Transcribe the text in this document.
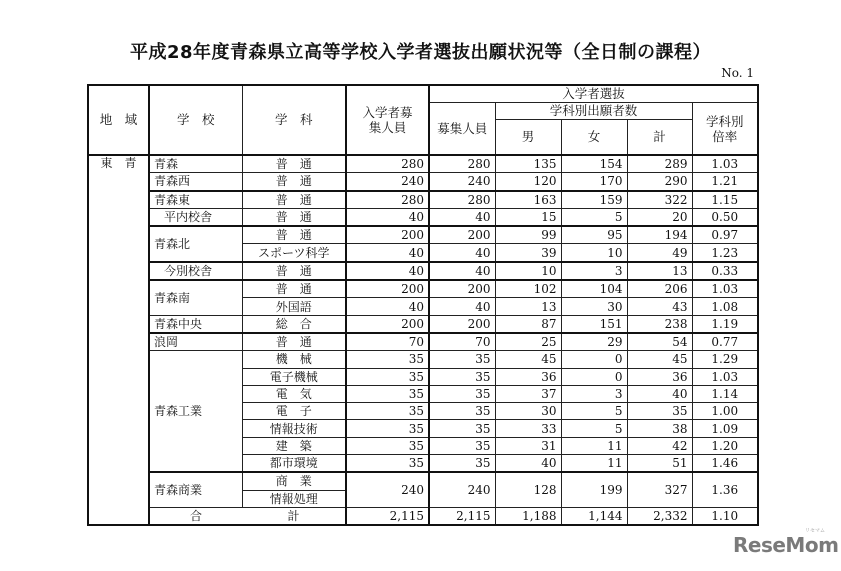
平成28年度青森県立高等学校入学者選抜出願状況等（全日制の課程）
No. 1
地　域	学　校	学　科	入学者募集人員	入学者選抜				
				募集人員	学科別出願者数			学科別倍率
					男	女	計	
東　青	青森	普　通	280	280	135	154	289	1.03
	青森西	普　通	240	240	120	170	290	1.21
	青森東	普　通	280	280	163	159	322	1.15
	平内校舎	普　通	40	40	15	5	20	0.50
	青森北	普　通	200	200	99	95	194	0.97
		スポーツ科学	40	40	39	10	49	1.23
	今別校舎	普　通	40	40	10	3	13	0.33
	青森南	普　通	200	200	102	104	206	1.03
		外国語	40	40	13	30	43	1.08
	青森中央	総　合	200	200	87	151	238	1.19
	浪岡	普　通	70	70	25	29	54	0.77
	青森工業	機　械	35	35	45	0	45	1.29
		電子機械	35	35	36	0	36	1.03
		電　気	35	35	37	3	40	1.14
		電　子	35	35	30	5	35	1.00
		情報技術	35	35	33	5	38	1.09
		建　築	35	35	31	11	42	1.20
		都市環境	35	35	40	11	51	1.46
	青森商業	商　業	240	240	128	199	327	1.36
		情報処理						
	合	計	2,115	2,115	1,188	1,144	2,332	1.10
ReseMom
リセマム
